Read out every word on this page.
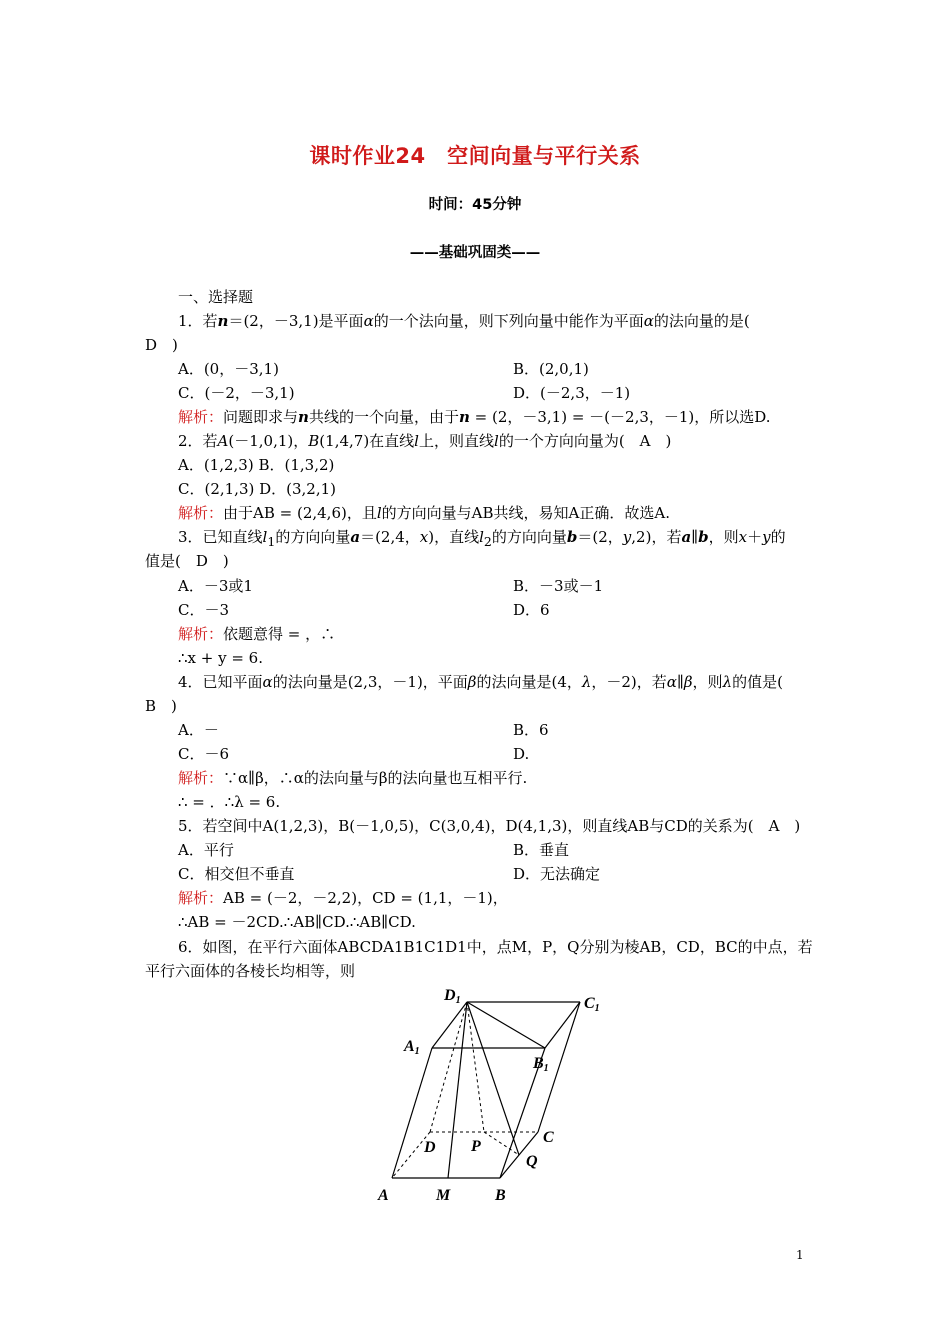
课时作业24　空间向量与平行关系
时间：45分钟
——基础巩固类——
一、选择题
1．若n＝(2，－3,1)是平面α的一个法向量，则下列向量中能作为平面α的法向量的是(
D　)
A．(0，－3,1)	B．(2,0,1)
C．(－2，－3,1)	D．(－2,3，－1)
解析：问题即求与n共线的一个向量，由于n = (2，－3,1) = －(－2,3，－1)，所以选D.
2．若A(－1,0,1)，B(1,4,7)在直线l上，则直线l的一个方向向量为(　A　)
A．(1,2,3) B．(1,3,2)
C．(2,1,3) D．(3,2,1)
解析：由于AB = (2,4,6)，且l的方向向量与AB共线，易知A正确．故选A.
3．已知直线$l_1$的方向向量a＝(2,4，x)，直线$l_2$的方向向量b＝(2，y,2)，若a∥b，则x＋y的
值是(　D　)
A．－3或1	B．－3或－1
C．－3	D．6
解析：依题意得 = ，∴
∴x + y = 6.
4．已知平面α的法向量是(2,3，－1)，平面β的法向量是(4，λ，－2)，若α∥β，则λ的值是(
B　)
A．－	B．6
C．－6	D.
解析：∵α∥β，∴α的法向量与β的法向量也互相平行.
∴ = ．∴λ = 6.
5．若空间中A(1,2,3)，B(－1,0,5)，C(3,0,4)，D(4,1,3)，则直线AB与CD的关系为(　A　)
A．平行	B．垂直
C．相交但不垂直	D．无法确定
解析：AB = (－2，－2,2)，CD = (1,1，－1)，
∴AB = －2CD.∴AB∥CD.∴AB∥CD.
6．如图，在平行六面体ABCDA1B1C1D1中，点M，P，Q分别为棱AB，CD，BC的中点，若
平行六面体的各棱长均相等，则
D1	C1
B1
A1
D P
C
Q
A	M	B
1
